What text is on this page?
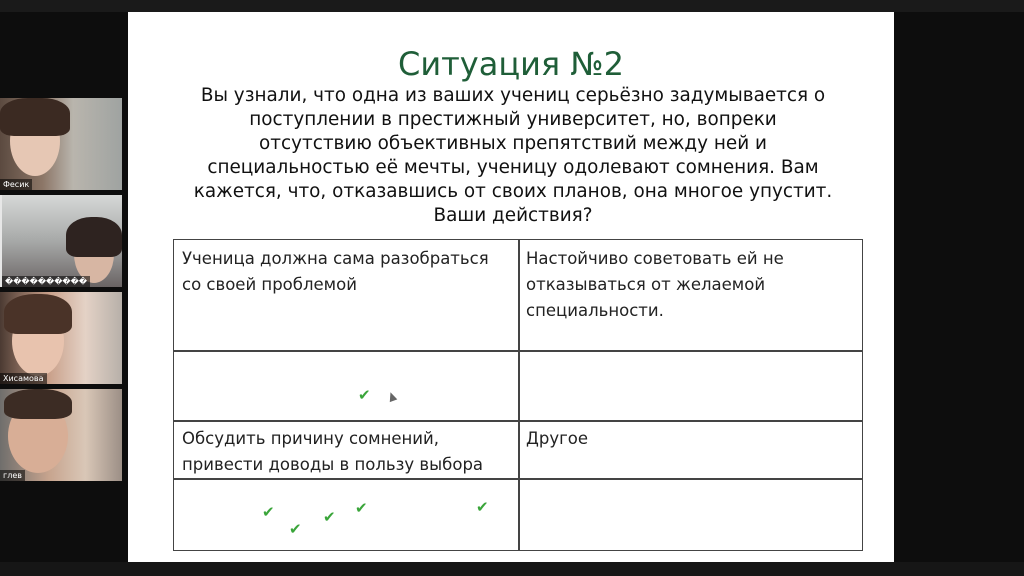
Фесик
����������
Хисамова
глев
Ситуация №2
Вы узнали, что одна из ваших учениц серьёзно задумывается о
поступлении в престижный университет, но, вопреки
отсутствию объективных препятствий между ней и
специальностью её мечты, ученицу одолевают сомнения. Вам
кажется, что, отказавшись от своих планов, она многое упустит.
Ваши действия?
Ученица должна сама разобраться
со своей проблемой
Настойчиво советовать ей не
отказываться от желаемой
специальности.
Обсудить причину сомнений,
привести доводы в пользу выбора
Другое
✔
✔
✔
✔ ✔	✔
